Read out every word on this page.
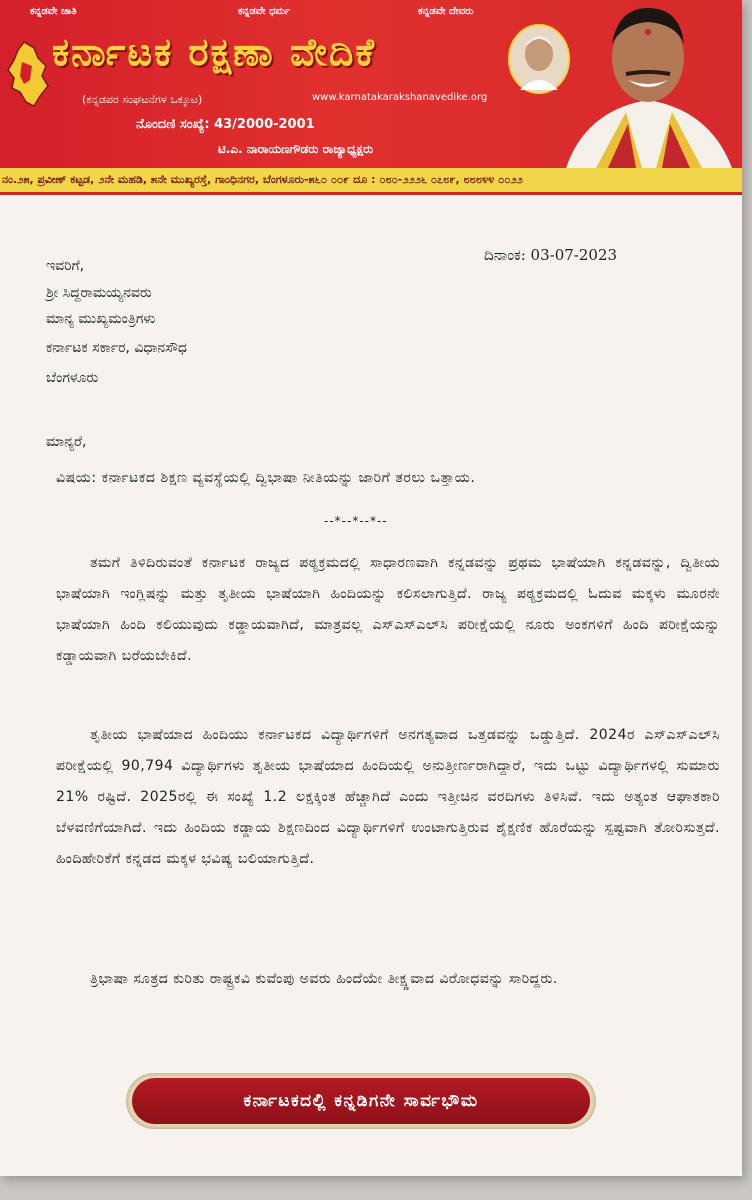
ಕನ್ನಡವೇ ಜಾತಿ	ಕನ್ನಡವೇ ಧರ್ಮ	ಕನ್ನಡವೇ ದೇವರು
ಕರ್ನಾಟಕ ರಕ್ಷಣಾ ವೇದಿಕೆ
(ಕನ್ನಡಪರ ಸಂಘಟನೆಗಳ ಒಕ್ಕೂಟ)	www.karnatakarakshanavedike.org
ನೊಂದಣಿ ಸಂಖ್ಯೆ: 43/2000-2001
ಟಿ.ಎ. ನಾರಾಯಣಗೌಡರು ರಾಜ್ಯಾಧ್ಯಕ್ಷರು
ನಂ.೨೫, ಪ್ರವೀಣ್ ಕಟ್ಟಡ, ೨ನೇ ಮಹಡಿ, ೫ನೇ ಮುಖ್ಯರಸ್ತೆ, ಗಾಂಧಿನಗರ, ಬೆಂಗಳೂರು-೫೬೦ ೦೦೯ ದೂ : ೦೮೦-೨೨೨೬ ೦೭೮೯, ೮೮೮೪೪ ೦೦೨೨
ದಿನಾಂಕ: 03-07-2023
ಇವರಿಗೆ,
ಶ್ರೀ ಸಿದ್ದರಾಮಯ್ಯನವರು
ಮಾನ್ಯ ಮುಖ್ಯಮಂತ್ರಿಗಳು
ಕರ್ನಾಟಕ ಸರ್ಕಾರ, ವಿಧಾನಸೌಧ
ಬೆಂಗಳೂರು
ಮಾನ್ಯರೆ,
ವಿಷಯ: ಕರ್ನಾಟಕದ ಶಿಕ್ಷಣ ವ್ಯವಸ್ಥೆಯಲ್ಲಿ ದ್ವಿಭಾಷಾ ನೀತಿಯನ್ನು ಜಾರಿಗೆ ತರಲು ಒತ್ತಾಯ.
--*--*--*--
ತಮಗೆ ತಿಳಿದಿರುವಂತೆ ಕರ್ನಾಟಕ ರಾಜ್ಯದ ಪಠ್ಯಕ್ರಮದಲ್ಲಿ ಸಾಧಾರಣವಾಗಿ ಕನ್ನಡವನ್ನು ಪ್ರಥಮ ಭಾಷೆಯಾಗಿ ಕನ್ನಡವನ್ನು, ದ್ವಿತೀಯ ಭಾಷೆಯಾಗಿ ಇಂಗ್ಲಿಷನ್ನು ಮತ್ತು ತೃತೀಯ ಭಾಷೆಯಾಗಿ ಹಿಂದಿಯನ್ನು ಕಲಿಸಲಾಗುತ್ತಿದೆ. ರಾಜ್ಯ ಪಠ್ಯಕ್ರಮದಲ್ಲಿ ಓದುವ ಮಕ್ಕಳು ಮೂರನೇ ಭಾಷೆಯಾಗಿ ಹಿಂದಿ ಕಲಿಯುವುದು ಕಡ್ಡಾಯವಾಗಿದೆ, ಮಾತ್ರವಲ್ಲ ಎಸ್‌ಎಸ್‌ಎಲ್‌ಸಿ ಪರೀಕ್ಷೆಯಲ್ಲಿ ನೂರು ಅಂಕಗಳಿಗೆ ಹಿಂದಿ ಪರೀಕ್ಷೆಯನ್ನು ಕಡ್ಡಾಯವಾಗಿ ಬರೆಯಬೇಕಿದೆ.
ತೃತೀಯ ಭಾಷೆಯಾದ ಹಿಂದಿಯು ಕರ್ನಾಟಕದ ವಿದ್ಯಾರ್ಥಿಗಳಿಗೆ ಅನಗತ್ಯವಾದ ಒತ್ತಡವನ್ನು ಒಡ್ಡುತ್ತಿದೆ. 2024ರ ಎಸ್‌ಎಸ್‌ಎಲ್‌ಸಿ ಪರೀಕ್ಷೆಯಲ್ಲಿ 90,794 ವಿದ್ಯಾರ್ಥಿಗಳು ತೃತೀಯ ಭಾಷೆಯಾದ ಹಿಂದಿಯಲ್ಲಿ ಅನುತ್ತೀರ್ಣರಾಗಿದ್ದಾರೆ, ಇದು ಒಟ್ಟು ವಿದ್ಯಾರ್ಥಿಗಳಲ್ಲಿ ಸುಮಾರು 21% ರಷ್ಟಿದೆ. 2025ರಲ್ಲಿ ಈ ಸಂಖ್ಯೆ 1.2 ಲಕ್ಷಕ್ಕಿಂತ ಹೆಚ್ಚಾಗಿದೆ ಎಂದು ಇತ್ತೀಚಿನ ವರದಿಗಳು ತಿಳಿಸಿವೆ. ಇದು ಅತ್ಯಂತ ಆಘಾತಕಾರಿ ಬೆಳವಣಿಗೆಯಾಗಿದೆ. ಇದು ಹಿಂದಿಯ ಕಡ್ಡಾಯ ಶಿಕ್ಷಣದಿಂದ ವಿದ್ಯಾರ್ಥಿಗಳಿಗೆ ಉಂಟಾಗುತ್ತಿರುವ ಶೈಕ್ಷಣಿಕ ಹೊರೆಯನ್ನು ಸ್ಪಷ್ಟವಾಗಿ ತೋರಿಸುತ್ತದೆ. ಹಿಂದಿಹೇರಿಕೆಗೆ ಕನ್ನಡದ ಮಕ್ಕಳ ಭವಿಷ್ಯ ಬಲಿಯಾಗುತ್ತಿದೆ.
ತ್ರಿಭಾಷಾ ಸೂತ್ರದ ಕುರಿತು ರಾಷ್ಟ್ರಕವಿ ಕುವೆಂಪು ಅವರು ಹಿಂದೆಯೇ ತೀಕ್ಷ್ಣವಾದ ವಿರೋಧವನ್ನು ಸಾರಿದ್ದರು.
ಕರ್ನಾಟಕದಲ್ಲಿ ಕನ್ನಡಿಗನೇ ಸಾರ್ವಭೌಮ
